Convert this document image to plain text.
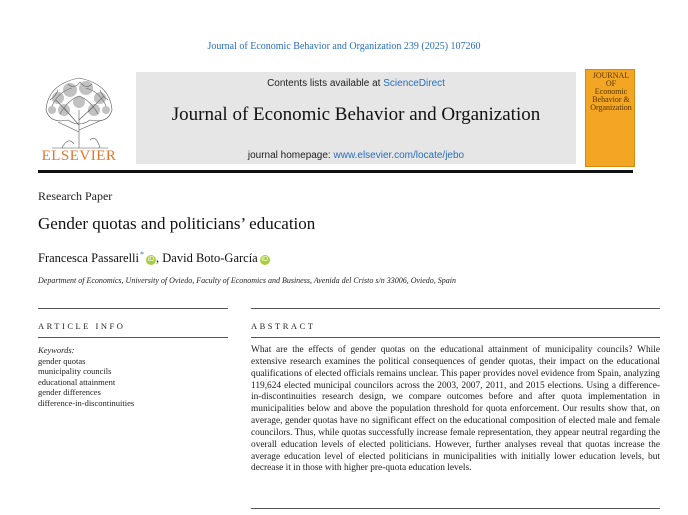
Journal of Economic Behavior and Organization 239 (2025) 107260
ELSEVIER
Contents lists available at ScienceDirect
Journal of Economic Behavior and Organization
journal homepage: www.elsevier.com/locate/jebo
JOURNAL OF Economic Behavior & Organization
Research Paper
Gender quotas and politicians’ education
Francesca Passarelli*iD , David Boto-García iD
Department of Economics, University of Oviedo, Faculty of Economics and Business, Avenida del Cristo s/n 33006, Oviedo, Spain
ARTICLE INFO	ABSTRACT
Keywords:
gender quotas
municipality councils
educational attainment
gender differences
difference-in-discontinuities
What are the effects of gender quotas on the educational attainment of municipality councils? While extensive research examines the political consequences of gender quotas, their impact on the educational qualifications of elected officials remains unclear. This paper provides novel evidence from Spain, analyzing 119,624 elected municipal councilors across the 2003, 2007, 2011, and 2015 elections. Using a difference-in-discontinuities research design, we compare outcomes before and after quota implementation in municipalities below and above the population threshold for quota enforcement. Our results show that, on average, gender quotas have no significant effect on the educational composition of elected male and female councilors. Thus, while quotas successfully increase female representation, they appear neutral regarding the overall education levels of elected politicians. However, further analyses reveal that quotas increase the average education level of elected politicians in municipalities with initially lower education levels, but decrease it in those with higher pre-quota education levels.
